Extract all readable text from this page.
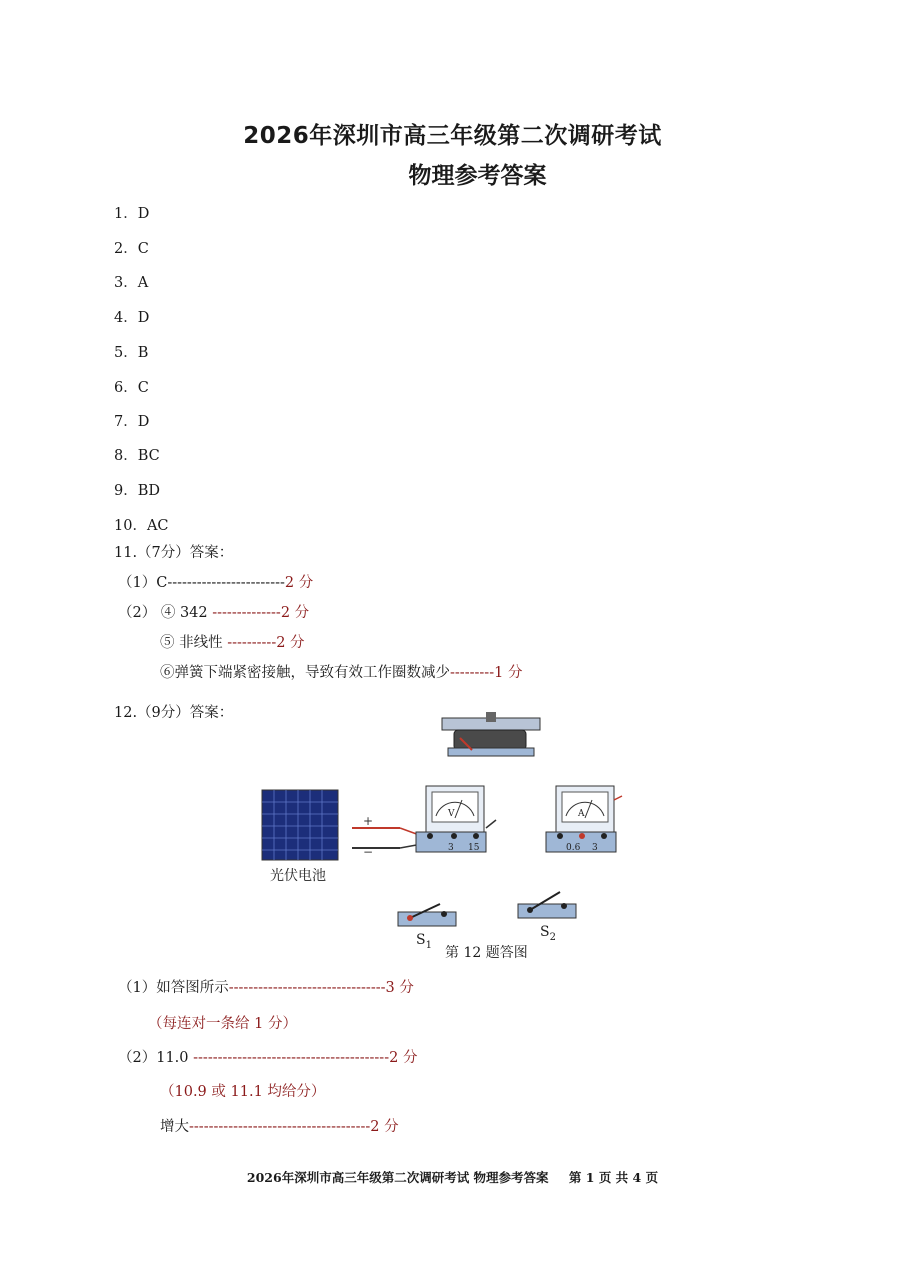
2026年深圳市高三年级第二次调研考试
物理参考答案
1．D
2．C
3．A
4．D
5．B
6．C
7．D
8．BC
9．BD
10．AC
11.（7分）答案：
（1）C------------------------2 分
（2） ④ 342 --------------2 分
⑤ 非线性 ----------2 分
⑥弹簧下端紧密接触，导致有效工作圈数减少---------1 分
12.（9分）答案：
+
−
V
3 15
A
0.6 3
$S_1$
$S_2$
光伏电池
第 12 题答图
（1）如答图所示--------------------------------3 分
（每连对一条给 1 分）
（2）11.0 ----------------------------------------2 分
（10.9 或 11.1 均给分）
增大-------------------------------------2 分
2026年深圳市高三年级第二次调研考试 物理参考答案 第 1 页 共 4 页
